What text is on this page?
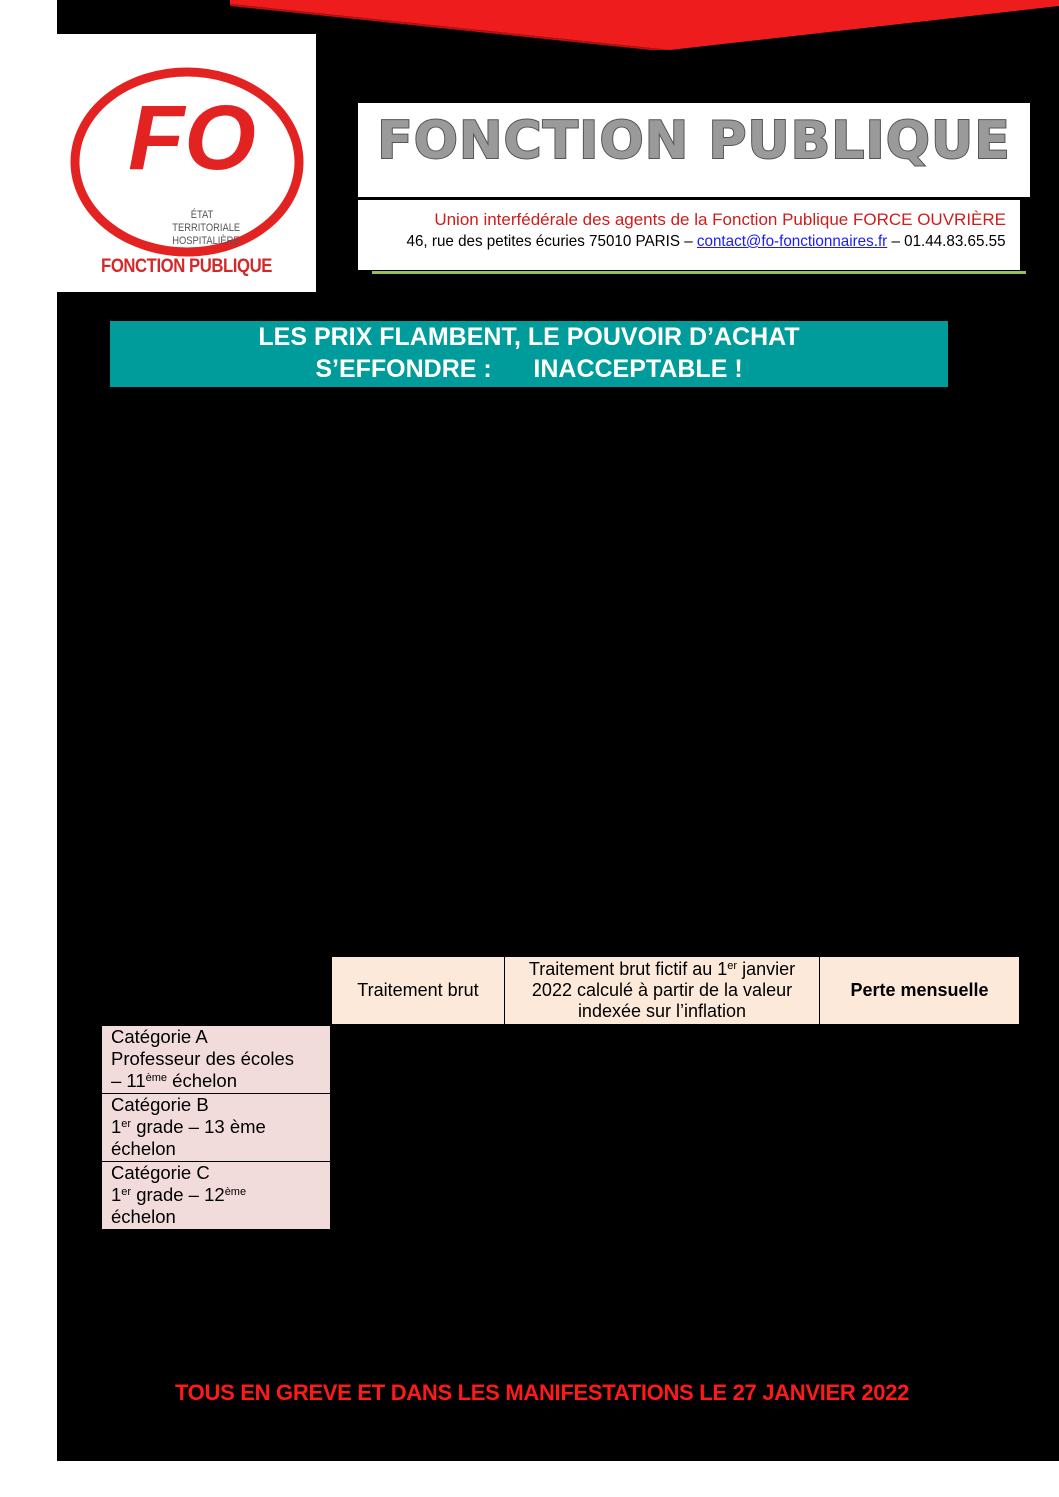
FO
ÉTAT
TERRITORIALE
HOSPITALIÈRE
FONCTION PUBLIQUE
FONCTION PUBLIQUE
Union interfédérale des agents de la Fonction Publique FORCE OUVRIÈRE
46, rue des petites écuries 75010 PARIS – contact@fo-fonctionnaires.fr – 01.44.83.65.55
LES PRIX FLAMBENT, LE POUVOIR D’ACHAT
S’EFFONDRE :      INACCEPTABLE !
Traitement brut
Traitement brut fictif au 1er janvier 2022 calculé à partir de la valeur indexée sur l’inflation
Perte mensuelle
Catégorie A
Professeur des écoles
– 11ème échelon
Catégorie B
1er grade – 13 ème
échelon
Catégorie C
1er grade – 12ème
échelon
TOUS EN GREVE ET DANS LES MANIFESTATIONS LE 27 JANVIER 2022
